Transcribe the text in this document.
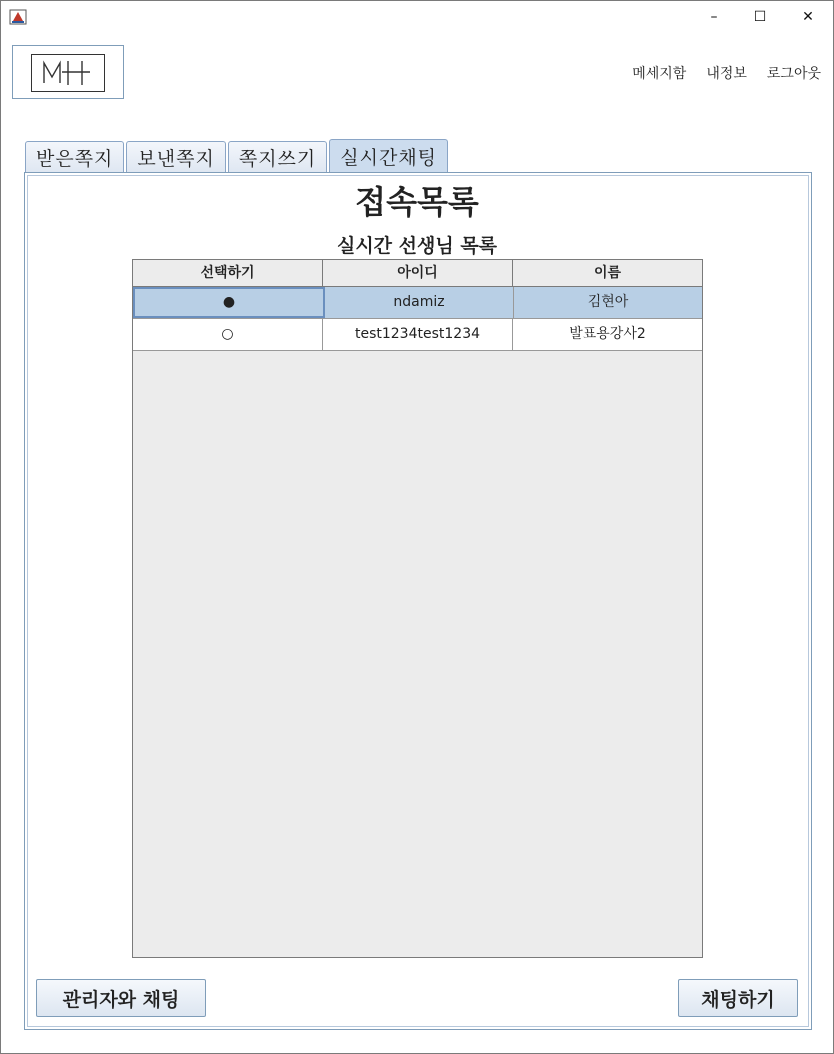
–	☐	✕
메세지함 내정보 로그아웃
받은쪽지	보낸쪽지	쪽지쓰기	실시간채팅
접속목록
실시간 선생님 목록
선택하기	아이디	이름
●	ndamiz	김현아
○	test1234test1234	발표용강사2
관리자와 채팅	채팅하기
